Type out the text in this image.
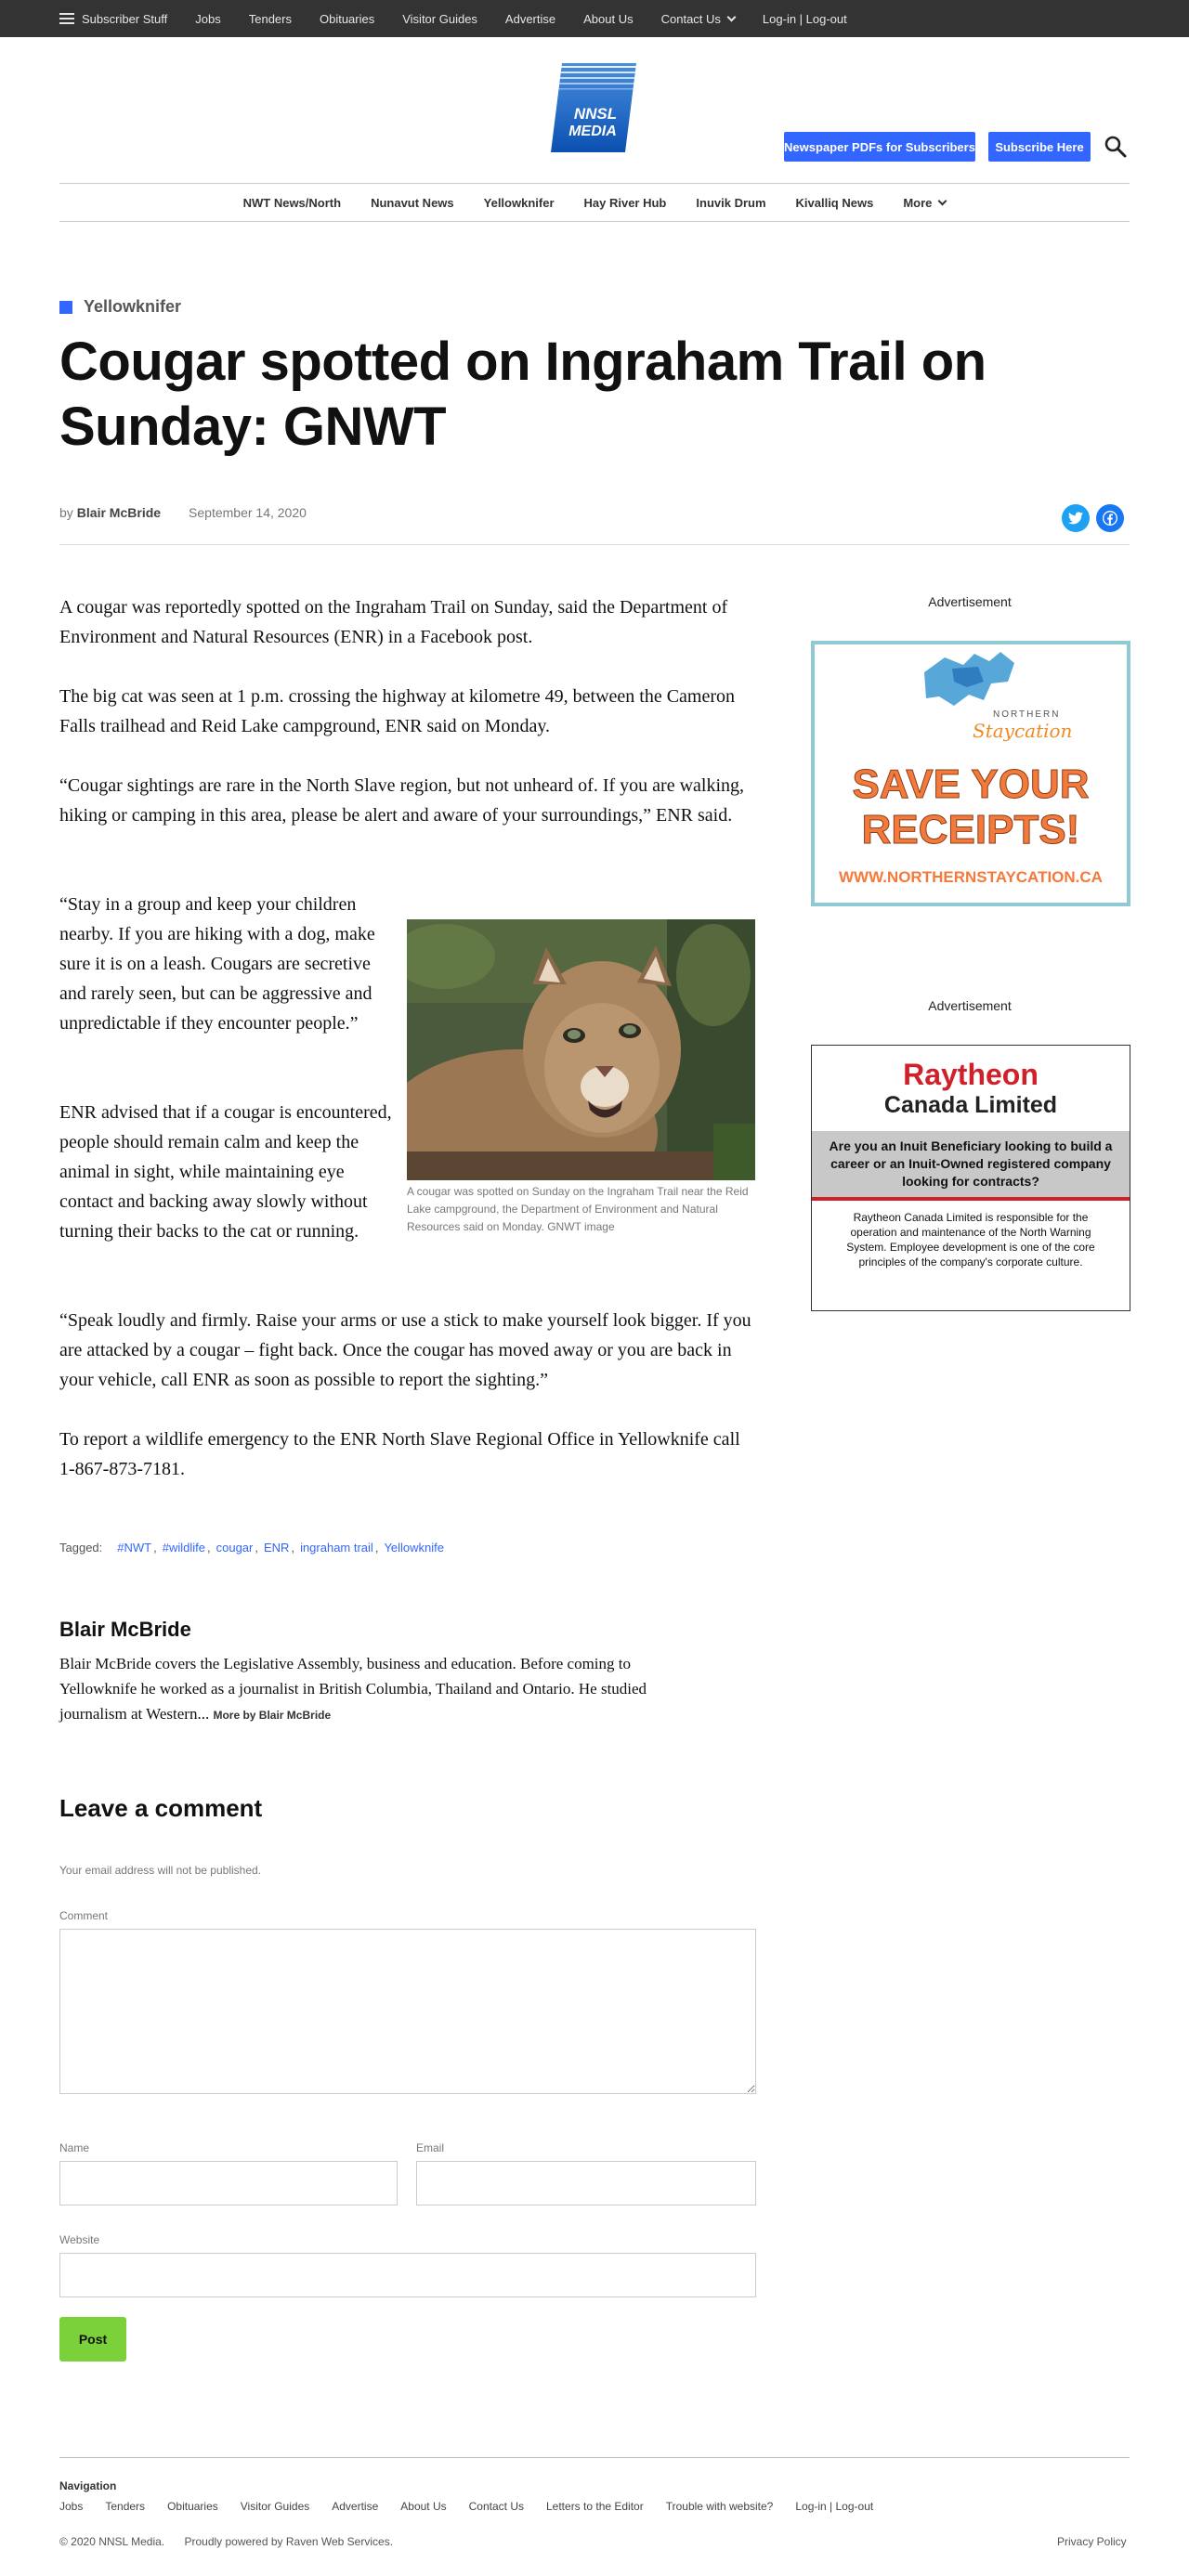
Subscriber Stuff Jobs Tenders Obituaries Visitor Guides Advertise About Us Contact Us	Log-in | Log-out
NNSL
MEDIA
Newspaper PDFs for Subscribers	Subscribe Here
NWT News/North Nunavut News Yellowknifer Hay River Hub Inuvik Drum Kivalliq News More
Yellowknifer
Cougar spotted on Ingraham Trail on Sunday: GNWT
by Blair McBride September 14, 2020

A cougar was reportedly spotted on the Ingraham Trail on Sunday, said the Department of Environment and Natural Resources (ENR) in a Facebook post.

The big cat was seen at 1 p.m. crossing the highway at kilometre 49, between the Cameron Falls trailhead and Reid Lake campground, ENR said on Monday.

“Cougar sightings are rare in the North Slave region, but not unheard of. If you are walking, hiking or camping in this area, please be alert and aware of your surroundings,” ENR said.

“Stay in a group and keep your children nearby. If you are hiking with a dog, make sure it is on a leash. Cougars are secretive and rarely seen, but can be aggressive and unpredictable if they encounter people.”

ENR advised that if a cougar is encountered, people should remain calm and keep the animal in sight, while maintaining eye contact and backing away slowly without turning their backs to the cat or running.

A cougar was spotted on Sunday on the Ingraham Trail near the Reid Lake campground, the Department of Environment and Natural Resources said on Monday. GNWT image

“Speak loudly and firmly. Raise your arms or use a stick to make yourself look bigger. If you are attacked by a cougar – fight back. Once the cougar has moved away or you are back in your vehicle, call ENR as soon as possible to report the sighting.”

To report a wildlife emergency to the ENR North Slave Regional Office in Yellowknife call 1-867-873-7181.

Advertisement
NORTHERN
Staycation
SAVE YOUR
RECEIPTS!
WWW.NORTHERNSTAYCATION.CA
Advertisement
Raytheon
Canada Limited
Are you an Inuit Beneficiary looking to build a career or an Inuit-Owned registered company looking for contracts?
Raytheon Canada Limited is responsible for the operation and maintenance of the North Warning System. Employee development is one of the core principles of the company's corporate culture.
Tagged: #NWT , #wildlife , cougar , ENR , ingraham trail , Yellowknife
Blair McBride
Blair McBride covers the Legislative Assembly, business and education. Before coming to Yellowknife he worked as a journalist in British Columbia, Thailand and Ontario. He studied journalism at Western... More by Blair McBride
Leave a comment
Your email address will not be published.
Comment
Name	Email
Website
Post
Navigation
Jobs Tenders Obituaries Visitor Guides Advertise About Us Contact Us Letters to the Editor Trouble with website? Log-in | Log-out
© 2020 NNSL Media. Proudly powered by Raven Web Services.	Privacy Policy
